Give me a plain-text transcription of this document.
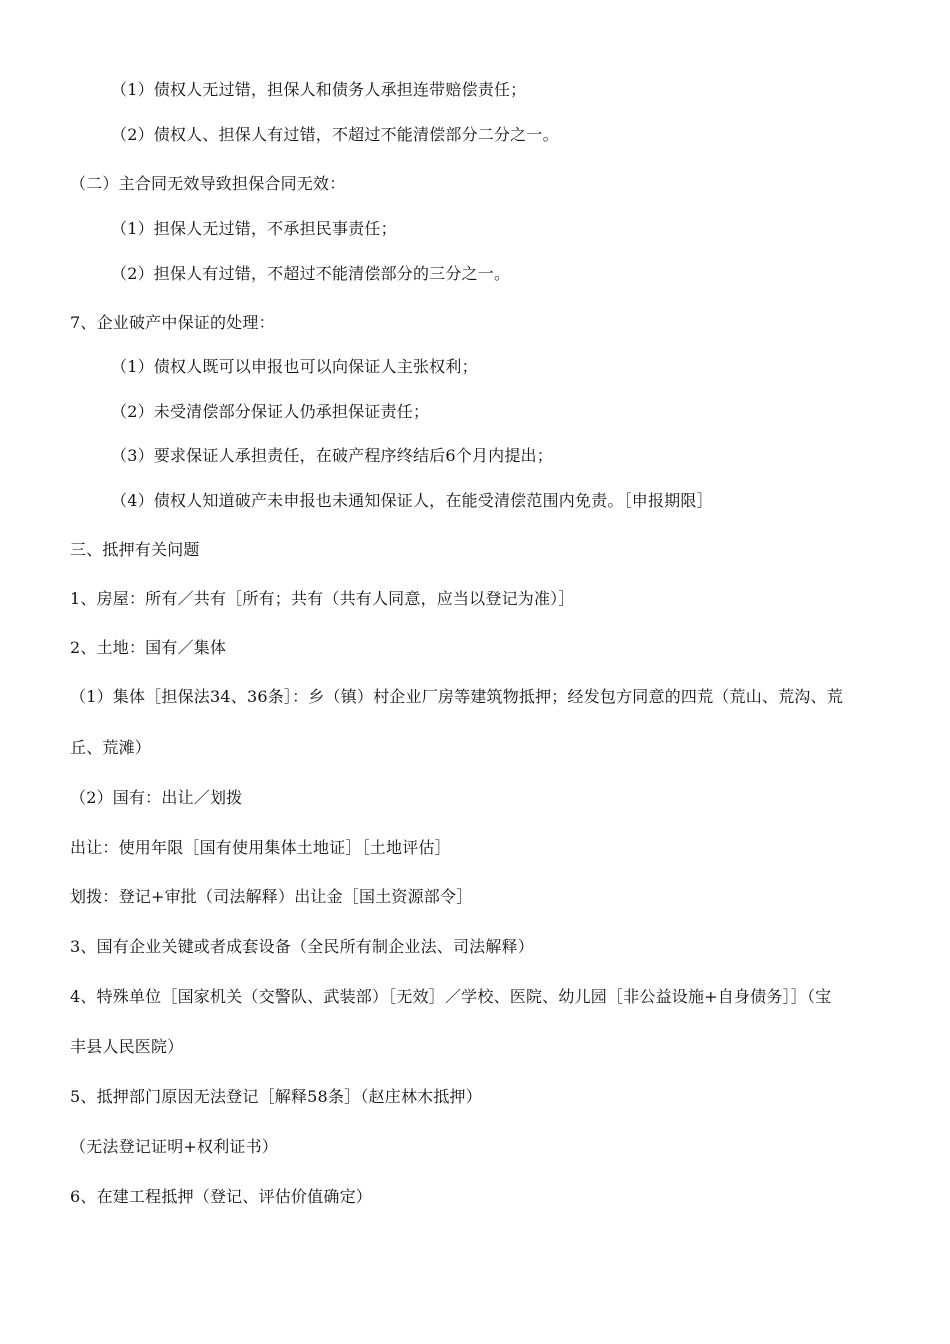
（1）债权人无过错，担保人和债务人承担连带赔偿责任；
（2）债权人、担保人有过错，不超过不能清偿部分二分之一。
（二）主合同无效导致担保合同无效：
（1）担保人无过错，不承担民事责任；
（2）担保人有过错，不超过不能清偿部分的三分之一。
7、企业破产中保证的处理：
（1）债权人既可以申报也可以向保证人主张权利；
（2）未受清偿部分保证人仍承担保证责任；
（3）要求保证人承担责任，在破产程序终结后6个月内提出；
（4）债权人知道破产未申报也未通知保证人，在能受清偿范围内免责。［申报期限］
三、抵押有关问题
1、房屋：所有／共有［所有；共有（共有人同意，应当以登记为准）］
2、土地：国有／集体
（1）集体［担保法34、36条］：乡（镇）村企业厂房等建筑物抵押；经发包方同意的四荒（荒山、荒沟、荒
丘、荒滩）
（2）国有：出让／划拨
出让：使用年限［国有使用集体土地证］［土地评估］
划拨：登记+审批（司法解释）出让金［国土资源部令］
3、国有企业关键或者成套设备（全民所有制企业法、司法解释）
4、特殊单位［国家机关（交警队、武装部）［无效］／学校、医院、幼儿园［非公益设施+自身债务］］（宝
丰县人民医院）
5、抵押部门原因无法登记［解释58条］（赵庄林木抵押）
（无法登记证明+权利证书）
6、在建工程抵押（登记、评估价值确定）
